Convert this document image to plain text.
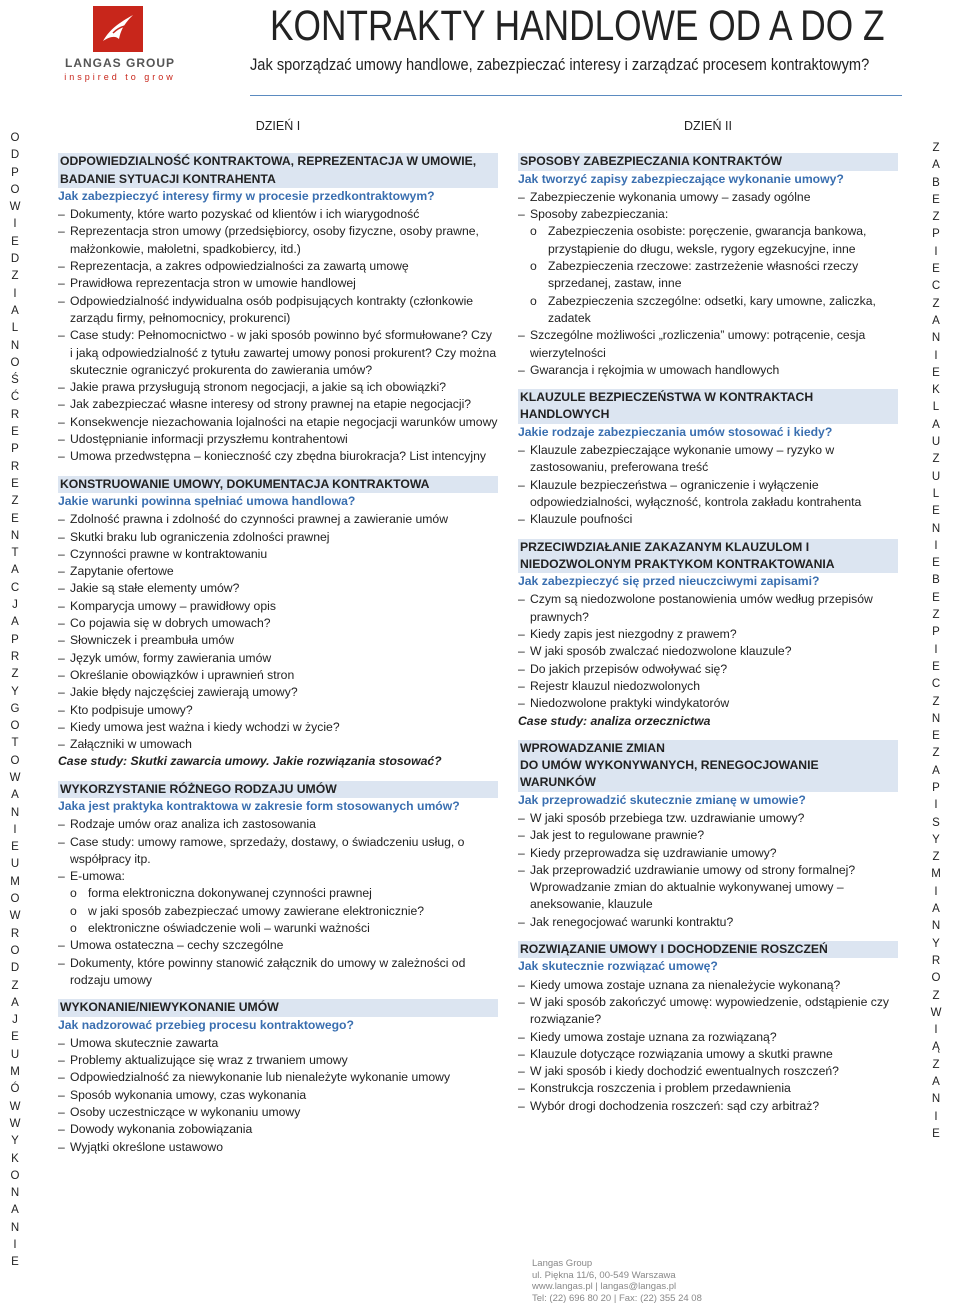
LANGAS GROUP
inspired to grow
KONTRAKTY HANDLOWE OD A DO Z
Jak sporządzać umowy handlowe, zabezpieczać interesy i zarządzać procesem kontraktowym?
O
D
P
O
W
I
E
D
Z
I
A
L
N
O
Ś
Ć
R
E
P
R
E
Z
E
N
T
A
C
J
A
P
R
Z
Y
G
O
T
O
W
A
N
I
E
U
M
O
W
R
O
D
Z
A
J
E
U
M
Ó
W
W
Y
K
O
N
A
N
I
E
Z
A
B
E
Z
P
I
E
C
Z
A
N
I
E
K
L
A
U
Z
U
L
E
N
I
E
B
E
Z
P
I
E
C
Z
N
E
Z
A
P
I
S
Y
Z
M
I
A
N
Y
R
O
Z
W
I
Ą
Z
A
N
I
E
DZIEŃ I
ODPOWIEDZIALNOŚĆ KONTRAKTOWA, REPREZENTACJA W UMOWIE,
BADANIE SYTUACJI KONTRAHENTA
Jak zabezpieczyć interesy firmy w procesie przedkontraktowym?
– Dokumenty, które warto pozyskać od klientów i ich wiarygodność
– Reprezentacja stron umowy (przedsiębiorcy, osoby fizyczne, osoby prawne, małżonkowie, małoletni, spadkobiercy, itd.)
– Reprezentacja, a zakres odpowiedzialności za zawartą umowę
– Prawidłowa reprezentacja stron w umowie handlowej
– Odpowiedzialność indywidualna osób podpisujących kontrakty (członkowie zarządu firmy, pełnomocnicy, prokurenci)
– Case study: Pełnomocnictwo - w jaki sposób powinno być sformułowane? Czy i jaką odpowiedzialność z tytułu zawartej umowy ponosi prokurent? Czy można skutecznie ograniczyć prokurenta do zawierania umów?
– Jakie prawa przysługują stronom negocjacji, a jakie są ich obowiązki?
– Jak zabezpieczać własne interesy od strony prawnej na etapie negocjacji?
– Konsekwencje niezachowania lojalności na etapie negocjacji warunków umowy
– Udostępnianie informacji przyszłemu kontrahentowi
– Umowa przedwstępna – konieczność czy zbędna biurokracja? List intencyjny
KONSTRUOWANIE UMOWY, DOKUMENTACJA KONTRAKTOWA
Jakie warunki powinna spełniać umowa handlowa?
– Zdolność prawna i zdolność do czynności prawnej a zawieranie umów
– Skutki braku lub ograniczenia zdolności prawnej
– Czynności prawne w kontraktowaniu
– Zapytanie ofertowe
– Jakie są stałe elementy umów?
– Komparycja umowy – prawidłowy opis
– Co pojawia się w dobrych umowach?
– Słowniczek i preambuła umów
– Język umów, formy zawierania umów
– Określanie obowiązków i uprawnień stron
– Jakie błędy najczęściej zawierają umowy?
– Kto podpisuje umowy?
– Kiedy umowa jest ważna i kiedy wchodzi w życie?
– Załączniki w umowach
Case study: Skutki zawarcia umowy. Jakie rozwiązania stosować?
WYKORZYSTANIE RÓŻNEGO RODZAJU UMÓW
Jaka jest praktyka kontraktowa w zakresie form stosowanych umów?
– Rodzaje umów oraz analiza ich zastosowania
– Case study: umowy ramowe, sprzedaży, dostawy, o świadczeniu usług, o współpracy itp.
– E-umowa:
o forma elektroniczna dokonywanej czynności prawnej
o w jaki sposób zabezpieczać umowy zawierane elektronicznie?
o elektroniczne oświadczenie woli – warunki ważności
– Umowa ostateczna – cechy szczególne
– Dokumenty, które powinny stanowić załącznik do umowy w zależności od rodzaju umowy
WYKONANIE/NIEWYKONANIE UMÓW
Jak nadzorować przebieg procesu kontraktowego?
– Umowa skutecznie zawarta
– Problemy aktualizujące się wraz z trwaniem umowy
– Odpowiedzialność za niewykonanie lub nienależyte wykonanie umowy
– Sposób wykonania umowy, czas wykonania
– Osoby uczestniczące w wykonaniu umowy
– Dowody wykonania zobowiązania
– Wyjątki określone ustawowo
DZIEŃ II
SPOSOBY ZABEZPIECZANIA KONTRAKTÓW
Jak tworzyć zapisy zabezpieczające wykonanie umowy?
– Zabezpieczenie wykonania umowy – zasady ogólne
– Sposoby zabezpieczania:
o Zabezpieczenia osobiste: poręczenie, gwarancja bankowa, przystąpienie do długu, weksle, rygory egzekucyjne, inne
o Zabezpieczenia rzeczowe: zastrzeżenie własności rzeczy sprzedanej, zastaw, inne
o Zabezpieczenia szczególne: odsetki, kary umowne, zaliczka, zadatek
– Szczególne możliwości „rozliczenia” umowy: potrącenie, cesja wierzytelności
– Gwarancja i rękojmia w umowach handlowych
KLAUZULE BEZPIECZEŃSTWA W KONTRAKTACH HANDLOWYCH
Jakie rodzaje zabezpieczania umów stosować i kiedy?
– Klauzule zabezpieczające wykonanie umowy – ryzyko w zastosowaniu, preferowana treść
– Klauzule bezpieczeństwa – ograniczenie i wyłączenie odpowiedzialności, wyłączność, kontrola zakładu kontrahenta
– Klauzule poufności
PRZECIWDZIAŁANIE ZAKAZANYM KLAUZULOM I
NIEDOZWOLONYM PRAKTYKOM KONTRAKTOWANIA
Jak zabezpieczyć się przed nieuczciwymi zapisami?
– Czym są niedozwolone postanowienia umów według przepisów prawnych?
– Kiedy zapis jest niezgodny z prawem?
– W jaki sposób zwalczać niedozwolone klauzule?
– Do jakich przepisów odwoływać się?
– Rejestr klauzul niedozwolonych
– Niedozwolone praktyki windykatorów
Case study: analiza orzecznictwa
WPROWADZANIE ZMIAN
DO UMÓW WYKONYWANYCH, RENEGOCJOWANIE WARUNKÓW
Jak przeprowadzić skutecznie zmianę w umowie?
– W jaki sposób przebiega tzw. uzdrawianie umowy?
– Jak jest to regulowane prawnie?
– Kiedy przeprowadza się uzdrawianie umowy?
– Jak przeprowadzić uzdrawianie umowy od strony formalnej? Wprowadzanie zmian do aktualnie wykonywanej umowy – aneksowanie, klauzule
– Jak renegocjować warunki kontraktu?
ROZWIĄZANIE UMOWY I DOCHODZENIE ROSZCZEŃ
Jak skutecznie rozwiązać umowę?
– Kiedy umowa zostaje uznana za nienależycie wykonaną?
– W jaki sposób zakończyć umowę: wypowiedzenie, odstąpienie czy rozwiązanie?
– Kiedy umowa zostaje uznana za rozwiązaną?
– Klauzule dotyczące rozwiązania umowy a skutki prawne
– W jaki sposób i kiedy dochodzić ewentualnych roszczeń?
– Konstrukcja roszczenia i problem przedawnienia
– Wybór drogi dochodzenia roszczeń: sąd czy arbitraż?
Langas Group
ul. Piękna 11/6, 00-549 Warszawa
www.langas.pl | langas@langas.pl
Tel: (22) 696 80 20 | Fax: (22) 355 24 08
